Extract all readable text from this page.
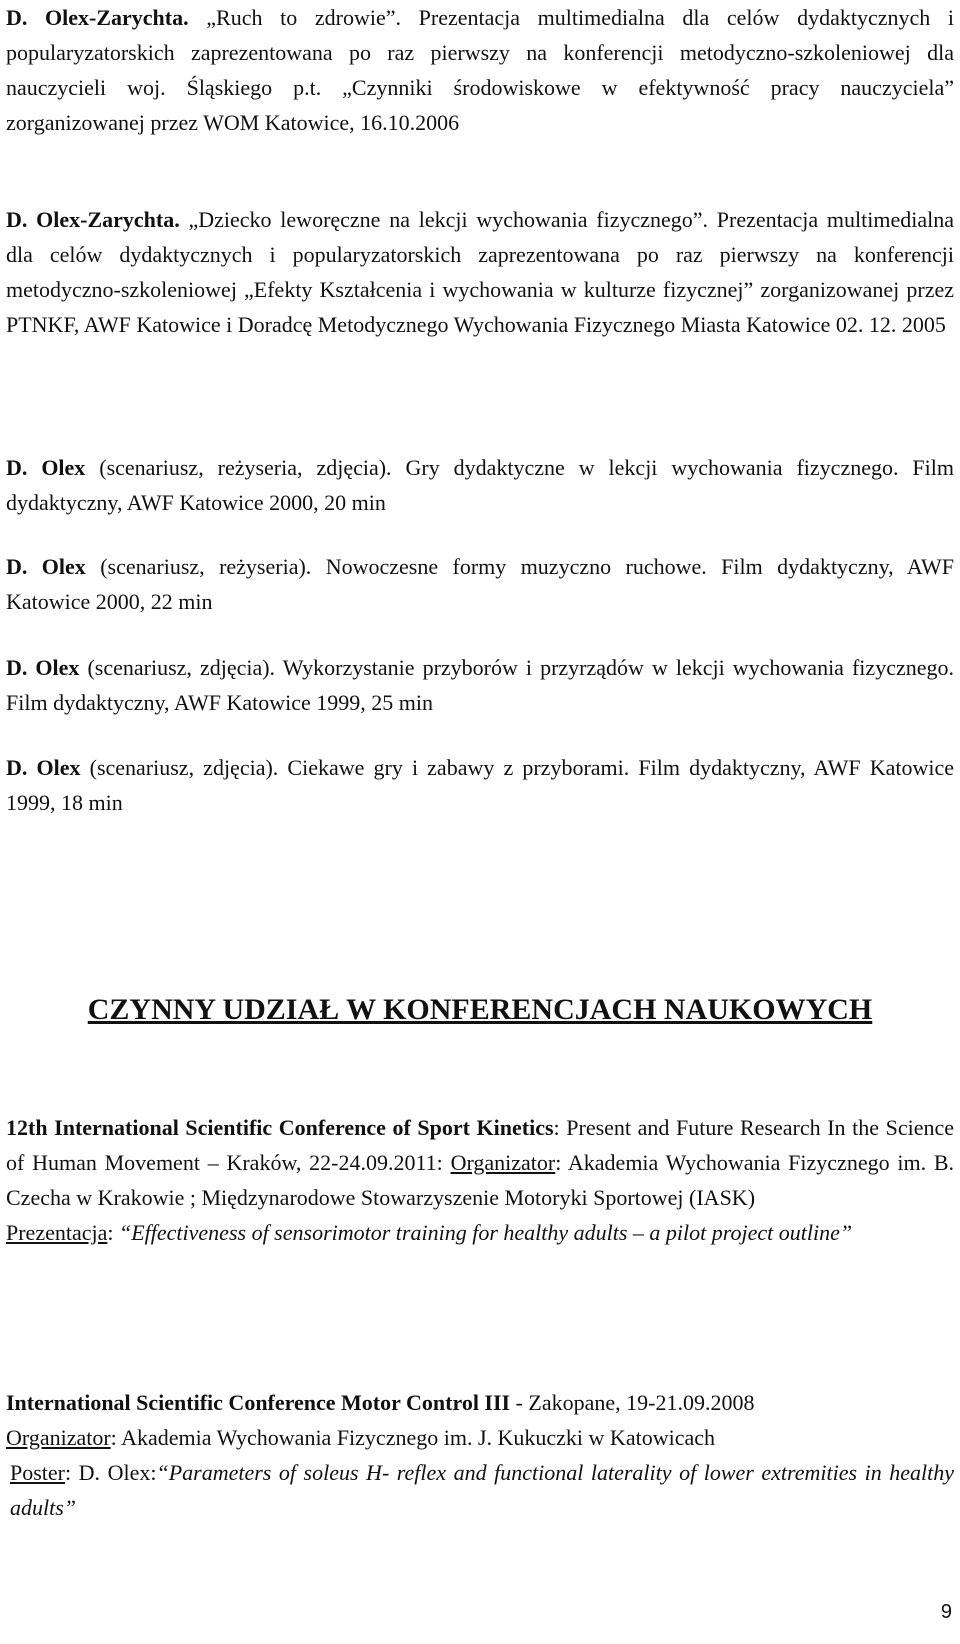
D. Olex-Zarychta. „Ruch to zdrowie”. Prezentacja multimedialna dla celów dydaktycznych i popularyzatorskich zaprezentowana po raz pierwszy na konferencji metodyczno-szkoleniowej dla nauczycieli woj. Śląskiego p.t. „Czynniki środowiskowe w efektywność pracy nauczyciela” zorganizowanej przez WOM Katowice, 16.10.2006

D. Olex-Zarychta. „Dziecko leworęczne na lekcji wychowania fizycznego”. Prezentacja multimedialna dla celów dydaktycznych i popularyzatorskich zaprezentowana po raz pierwszy na konferencji metodyczno-szkoleniowej „Efekty Kształcenia i wychowania w kulturze fizycznej” zorganizowanej przez PTNKF, AWF Katowice i Doradcę Metodycznego Wychowania Fizycznego Miasta Katowice 02. 12. 2005

D. Olex (scenariusz, reżyseria, zdjęcia). Gry dydaktyczne w lekcji wychowania fizycznego. Film dydaktyczny, AWF Katowice 2000, 20 min

D. Olex (scenariusz, reżyseria). Nowoczesne formy muzyczno ruchowe. Film dydaktyczny, AWF Katowice 2000, 22 min

D. Olex (scenariusz, zdjęcia). Wykorzystanie przyborów i przyrządów w lekcji wychowania fizycznego. Film dydaktyczny, AWF Katowice 1999, 25 min

D. Olex (scenariusz, zdjęcia). Ciekawe gry i zabawy z przyborami. Film dydaktyczny, AWF Katowice 1999, 18 min

CZYNNY UDZIAŁ W KONFERENCJACH NAUKOWYCH

12th International Scientific Conference of Sport Kinetics: Present and Future Research In the Science of Human Movement – Kraków, 22-24.09.2011: Organizator: Akademia Wychowania Fizycznego im. B. Czecha w Krakowie ; Międzynarodowe Stowarzyszenie Motoryki Sportowej (IASK)

Prezentacja: “Effectiveness of sensorimotor training for healthy adults – a pilot project outline”

International Scientific Conference Motor Control III - Zakopane, 19-21.09.2008

Organizator: Akademia Wychowania Fizycznego im. J. Kukuczki w Katowicach

Poster: D. Olex:“Parameters of soleus H- reflex and functional laterality of lower extremities in healthy adults”

9
